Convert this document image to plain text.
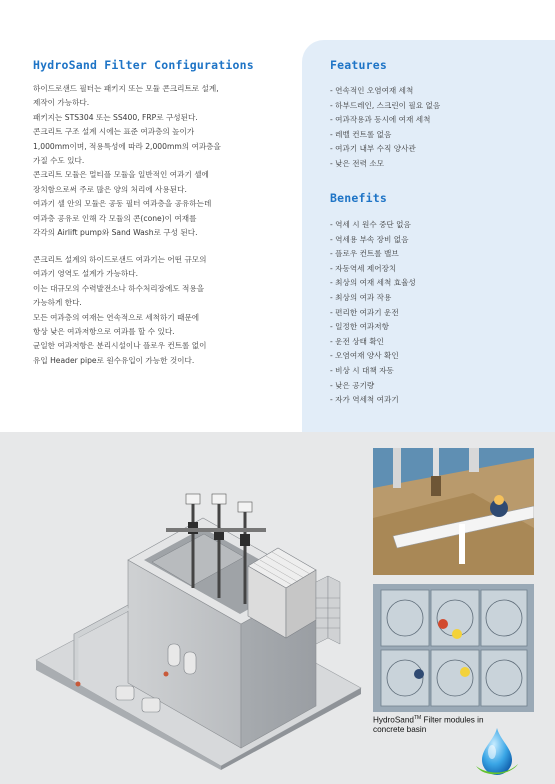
HydroSand Filter Configurations

하이드로샌드 필터는 패키지 또는 모듈 콘크리트로 설계,

제작이 가능하다.

패키지는 STS304 또는 SS400, FRP로 구성된다.

콘크리트 구조 설계 시에는 표준 여과층의 높이가

1,000mm이며, 적용특성에 따라 2,000mm의 여과층을

가질 수도 있다.

콘크리트 모듈은 멀티플 모듈을 일반적인 여과기 셀에

장치함으로써 주로 많은 양의 처리에 사용된다.

여과기 셀 안의 모듈은 공동 필터 여과층을 공유하는데

여과층 공유로 인해 각 모듈의 콘(cone)이 여재를

각각의 Airlift pump와 Sand Wash로 구성 된다.

콘크리트 설계의 하이드로샌드 여과기는 어떤 규모의

여과기 영역도 설계가 가능하다.

이는 대규모의 수력발전소나 하수처리장에도 적용을

가능하게 한다.

모든 여과층의 여재는 연속적으로 세척하기 때문에

항상 낮은 여과저항으로 여과를 할 수 있다.

균일한 여과저항은 분리시설이나 플로우 컨트롤 없이

유입 Header pipe로 원수유입이 가능한 것이다.

Features
- 연속적인 오염여재 세척
- 하부드레인, 스크린이 필요 없음
- 여과작용과 동시에 여재 세척
- 레벨 컨트롤 없음
- 여과기 내부 수직 양사관
- 낮은 전력 소모
Benefits
- 역세 시 원수 중단 없음
- 역세용 부속 장비 없음
- 플로우 컨트롤 밸브
- 자동역세 제어장치
- 최상의 여재 세척 효율성
- 최상의 여과 작용
- 편리한 여과기 운전
- 일정한 여과저항
- 운전 상태 확인
- 오염여재 양사 확인
- 비상 시 대책 자동
- 낮은 공기량
- 자가 역세척 여과기
HydroSand™ Filter modules in
concrete basin
